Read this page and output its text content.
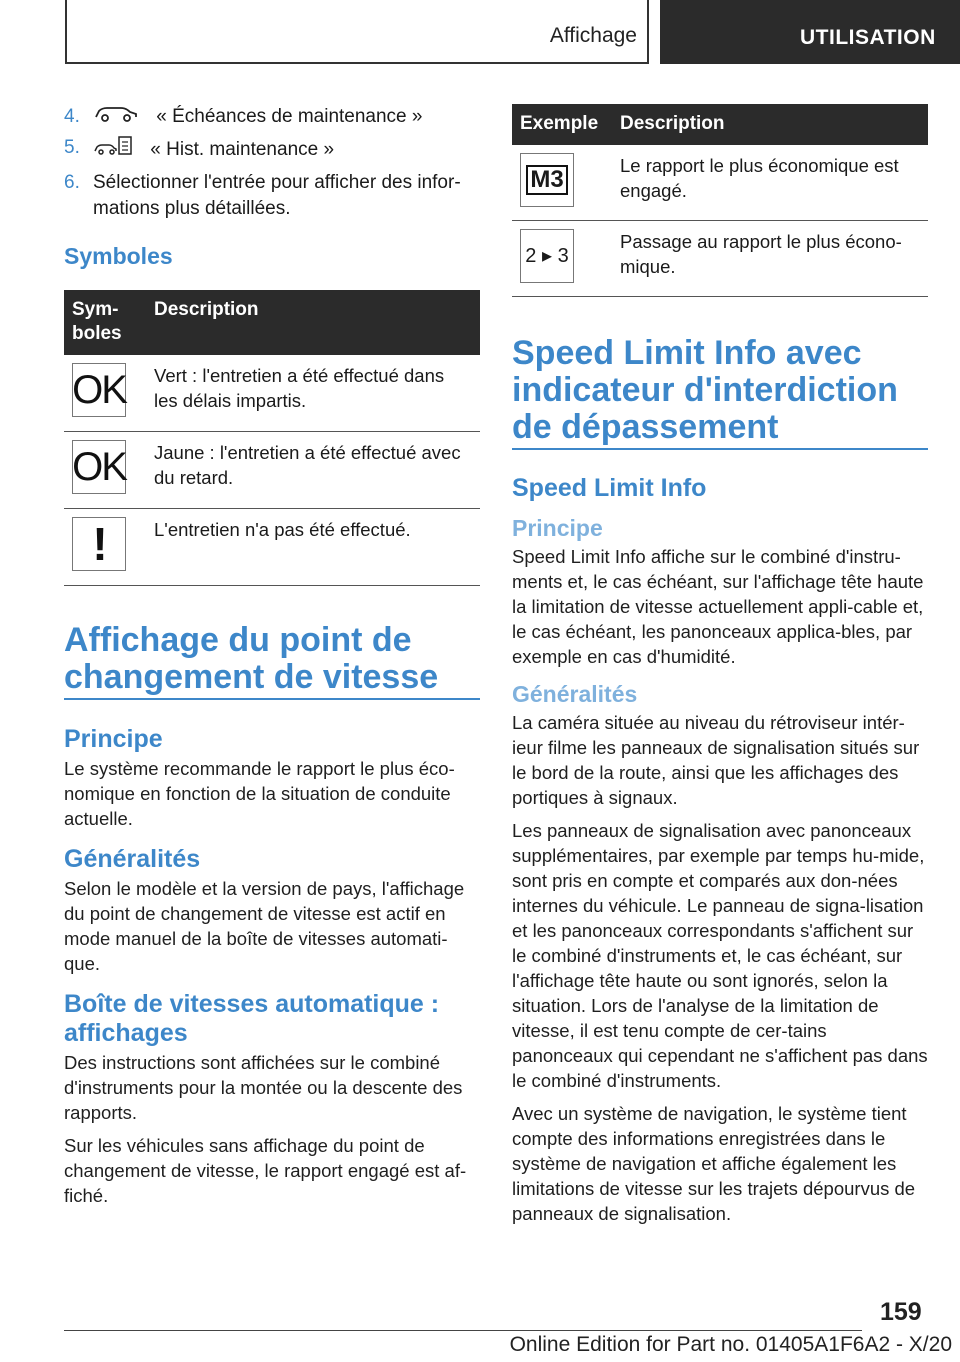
Affichage	UTILISATION
4.	« Échéances de maintenance »
5.	« Hist. maintenance »
6. Sélectionner l'entrée pour afficher des infor-mations plus détaillées.
Symboles
Sym-boles	Description

OK	Vert : l'entretien a été effectué dans les délais impartis.

OK	Jaune : l'entretien a été effectué avec du retard.

!	L'entretien n'a pas été effectué.
Affichage du point de changement de vitesse
Principe

Le système recommande le rapport le plus éco-nomique en fonction de la situation de conduite actuelle.

Généralités

Selon le modèle et la version de pays, l'affichage du point de changement de vitesse est actif en mode manuel de la boîte de vitesses automati-que.

Boîte de vitesses automatique : affichages

Des instructions sont affichées sur le combiné d'instruments pour la montée ou la descente des rapports.

Sur les véhicules sans affichage du point de changement de vitesse, le rapport engagé est af-fiché.

Exemple	Description

M3	Le rapport le plus économique est engagé.

2 ▸ 3	Passage au rapport le plus écono-mique.
Speed Limit Info avec indicateur d'interdiction de dépassement
Speed Limit Info
Principe

Speed Limit Info affiche sur le combiné d'instru-ments et, le cas échéant, sur l'affichage tête haute la limitation de vitesse actuellement appli-cable et, le cas échéant, les panonceaux applica-bles, par exemple en cas d'humidité.

Généralités

La caméra située au niveau du rétroviseur intér-ieur filme les panneaux de signalisation situés sur le bord de la route, ainsi que les affichages des portiques à signaux.

Les panneaux de signalisation avec panonceaux supplémentaires, par exemple par temps hu-mide, sont pris en compte et comparés aux don-nées internes du véhicule. Le panneau de signa-lisation et les panonceaux correspondants s'affichent sur le combiné d'instruments et, le cas échéant, sur l'affichage tête haute ou sont ignorés, selon la situation. Lors de l'analyse de la limitation de vitesse, il est tenu compte de cer-tains panonceaux qui cependant ne s'affichent pas dans le combiné d'instruments.

Avec un système de navigation, le système tient compte des informations enregistrées dans le système de navigation et affiche également les limitations de vitesse sur les trajets dépourvus de panneaux de signalisation.

159
Online Edition for Part no. 01405A1F6A2 - X/20
